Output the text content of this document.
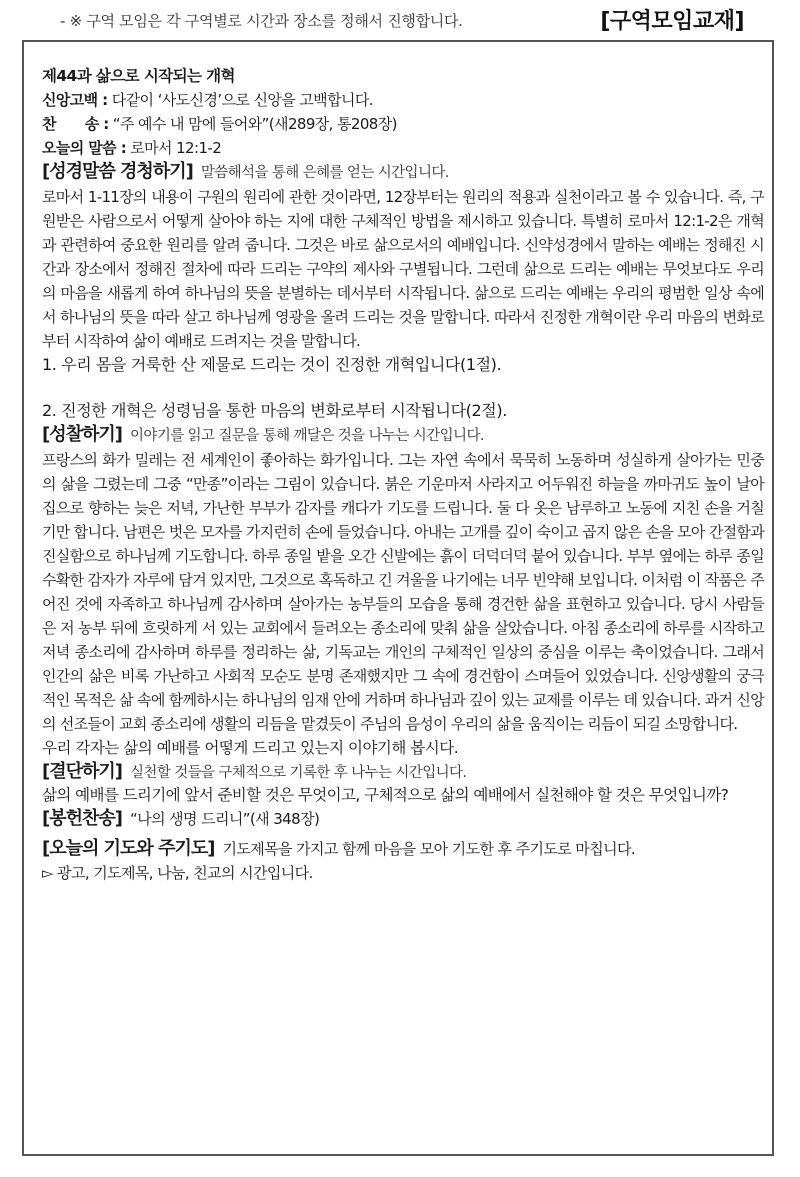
- ※ 구역 모임은 각 구역별로 시간과 장소를 정해서 진행합니다.	[구역모임교재]

제44과 삶으로 시작되는 개혁

신앙고백 : 다같이 ‘사도신경’으로 신앙을 고백합니다.

찬　　송 : “주 예수 내 맘에 들어와”(새289장, 통208장)

오늘의 말씀 : 로마서 12:1-2

[성경말씀 경청하기] 말씀해석을 통해 은혜를 얻는 시간입니다.

로마서 1-11장의 내용이 구원의 원리에 관한 것이라면, 12장부터는 원리의 적용과 실천이라고 볼 수 있습니다. 즉, 구원받은 사람으로서 어떻게 살아야 하는 지에 대한 구체적인 방법을 제시하고 있습니다. 특별히 로마서 12:1-2은 개혁과 관련하여 중요한 원리를 알려 줍니다. 그것은 바로 삶으로서의 예배입니다. 신약성경에서 말하는 예배는 정해진 시간과 장소에서 정해진 절차에 따라 드리는 구약의 제사와 구별됩니다. 그런데 삶으로 드리는 예배는 무엇보다도 우리의 마음을 새롭게 하여 하나님의 뜻을 분별하는 데서부터 시작됩니다. 삶으로 드리는 예배는 우리의 평범한 일상 속에서 하나님의 뜻을 따라 살고 하나님께 영광을 올려 드리는 것을 말합니다. 따라서 진정한 개혁이란 우리 마음의 변화로부터 시작하여 삶이 예배로 드려지는 것을 말합니다.

1. 우리 몸을 거룩한 산 제물로 드리는 것이 진정한 개혁입니다(1절).

2. 진정한 개혁은 성령님을 통한 마음의 변화로부터 시작됩니다(2절).

[성찰하기] 이야기를 읽고 질문을 통해 깨달은 것을 나누는 시간입니다.

프랑스의 화가 밀레는 전 세계인이 좋아하는 화가입니다. 그는 자연 속에서 묵묵히 노동하며 성실하게 살아가는 민중의 삶을 그렸는데 그중 “만종”이라는 그림이 있습니다. 붉은 기운마저 사라지고 어두워진 하늘을 까마귀도 높이 날아 집으로 향하는 늦은 저녁, 가난한 부부가 감자를 캐다가 기도를 드립니다. 둘 다 옷은 남루하고 노동에 지친 손을 거칠기만 합니다. 남편은 벗은 모자를 가지런히 손에 들었습니다. 아내는 고개를 깊이 숙이고 곱지 않은 손을 모아 간절함과 진실함으로 하나님께 기도합니다. 하루 종일 밭을 오간 신발에는 흙이 더덕더덕 붙어 있습니다. 부부 옆에는 하루 종일 수확한 감자가 자루에 담겨 있지만, 그것으로 혹독하고 긴 겨울을 나기에는 너무 빈약해 보입니다. 이처럼 이 작품은 주어진 것에 자족하고 하나님께 감사하며 살아가는 농부들의 모습을 통해 경건한 삶을 표현하고 있습니다. 당시 사람들은 저 농부 뒤에 흐릿하게 서 있는 교회에서 들려오는 종소리에 맞춰 삶을 살았습니다. 아침 종소리에 하루를 시작하고 저녁 종소리에 감사하며 하루를 정리하는 삶, 기독교는 개인의 구체적인 일상의 중심을 이루는 축이었습니다. 그래서 인간의 삶은 비록 가난하고 사회적 모순도 분명 존재했지만 그 속에 경건함이 스며들어 있었습니다. 신앙생활의 궁극적인 목적은 삶 속에 함께하시는 하나님의 임재 안에 거하며 하나님과 깊이 있는 교제를 이루는 데 있습니다. 과거 신앙의 선조들이 교회 종소리에 생활의 리듬을 맡겼듯이 주님의 음성이 우리의 삶을 움직이는 리듬이 되길 소망합니다.

우리 각자는 삶의 예배를 어떻게 드리고 있는지 이야기해 봅시다.

[결단하기] 실천할 것들을 구체적으로 기록한 후 나누는 시간입니다.

삶의 예배를 드리기에 앞서 준비할 것은 무엇이고, 구체적으로 삶의 예배에서 실천해야 할 것은 무엇입니까?

[봉헌찬송] “나의 생명 드리니”(새 348장)

[오늘의 기도와 주기도] 기도제목을 가지고 함께 마음을 모아 기도한 후 주기도로 마칩니다.

▻ 광고, 기도제목, 나눔, 친교의 시간입니다.
